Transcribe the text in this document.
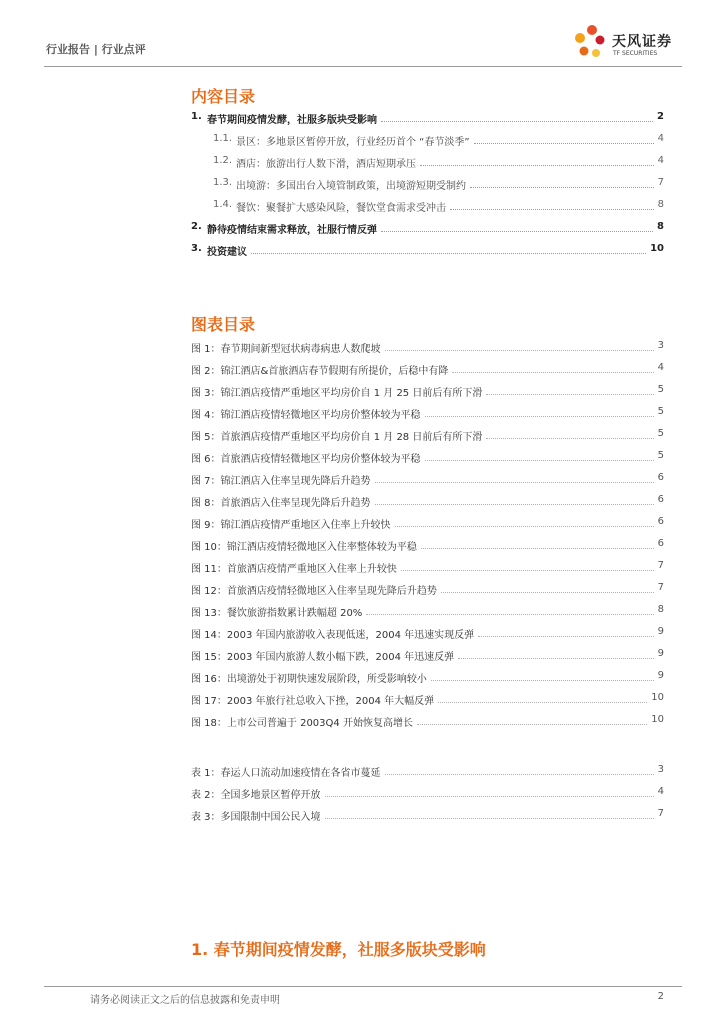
行业报告 | 行业点评	天风证券
TF SECURITIES
内容目录
1. 春节期间疫情发酵，社服多版块受影响	2
1.1. 景区：多地景区暂停开放，行业经历首个 “春节淡季”	4
1.2. 酒店：旅游出行人数下滑，酒店短期承压	4
1.3. 出境游：多国出台入境管制政策，出境游短期受制约	7
1.4. 餐饮：聚餐扩大感染风险，餐饮堂食需求受冲击	8
2. 静待疫情结束需求释放，社服行情反弹	8
3. 投资建议	10
图表目录
图 1：春节期间新型冠状病毒病患人数爬坡	3
图 2：锦江酒店&首旅酒店春节假期有所提价，后稳中有降	4
图 3：锦江酒店疫情严重地区平均房价自 1 月 25 日前后有所下滑	5
图 4：锦江酒店疫情轻微地区平均房价整体较为平稳	5
图 5：首旅酒店疫情严重地区平均房价自 1 月 28 日前后有所下滑	5
图 6：首旅酒店疫情轻微地区平均房价整体较为平稳	5
图 7：锦江酒店入住率呈现先降后升趋势	6
图 8：首旅酒店入住率呈现先降后升趋势	6
图 9：锦江酒店疫情严重地区入住率上升较快	6
图 10：锦江酒店疫情轻微地区入住率整体较为平稳	6
图 11：首旅酒店疫情严重地区入住率上升较快	7
图 12：首旅酒店疫情轻微地区入住率呈现先降后升趋势	7
图 13：餐饮旅游指数累计跌幅超 20%	8
图 14：2003 年国内旅游收入表现低迷，2004 年迅速实现反弹	9
图 15：2003 年国内旅游人数小幅下跌，2004 年迅速反弹	9
图 16：出境游处于初期快速发展阶段，所受影响较小	9
图 17：2003 年旅行社总收入下挫，2004 年大幅反弹	10
图 18：上市公司普遍于 2003Q4 开始恢复高增长	10
表 1：春运人口流动加速疫情在各省市蔓延	3
表 2：全国多地景区暂停开放	4
表 3：多国限制中国公民入境	7
1. 春节期间疫情发酵，社服多版块受影响
请务必阅读正文之后的信息披露和免责申明	2
